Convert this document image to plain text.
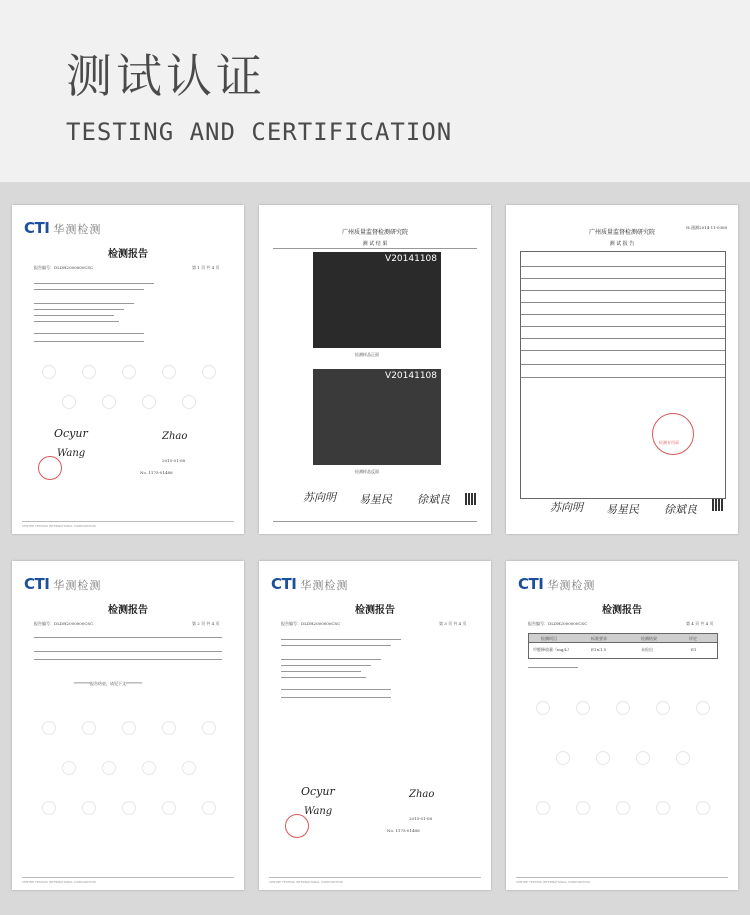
测试认证
TESTING AND CERTIFICATION
CTI 华测检测
检测报告
报告编号：DLDH2000000CSC	第 1 页 共 4 页
Ocyur	Zhao
Wang
2015-01-08
No. 1175-01488
CENTRE TESTING INTERNATIONAL CORPORATION
广州质量监督检测研究院
测 试 结 果
V20141108
检测样品正面
V20141108
检测样品反面
苏向明 易星民 徐斌良
广州质量监督检测研究院
测 试 报 告
№.通测2014-11-0380
检测专用章
苏向明 易星民 徐斌良
CTI 华测检测
检测报告
报告编号：DLDH2000000CSC	第 2 页 共 4 页
********报告结束，请见下文********
CENTRE TESTING INTERNATIONAL CORPORATION
CTI 华测检测
检测报告
报告编号：DLDH2000000CSC	第 3 页 共 4 页
Ocyur	Zhao
Wang
2015-01-08
No. 1175-01488
CENTRE TESTING INTERNATIONAL CORPORATION
CTI 华测检测
检测报告
报告编号：DLDH2000000CSC	第 4 页 共 4 页
检测项目	标准要求	检测结果	评定
甲醛释放量（mg/L）	E1≤1.5	未检出	E1
CENTRE TESTING INTERNATIONAL CORPORATION
